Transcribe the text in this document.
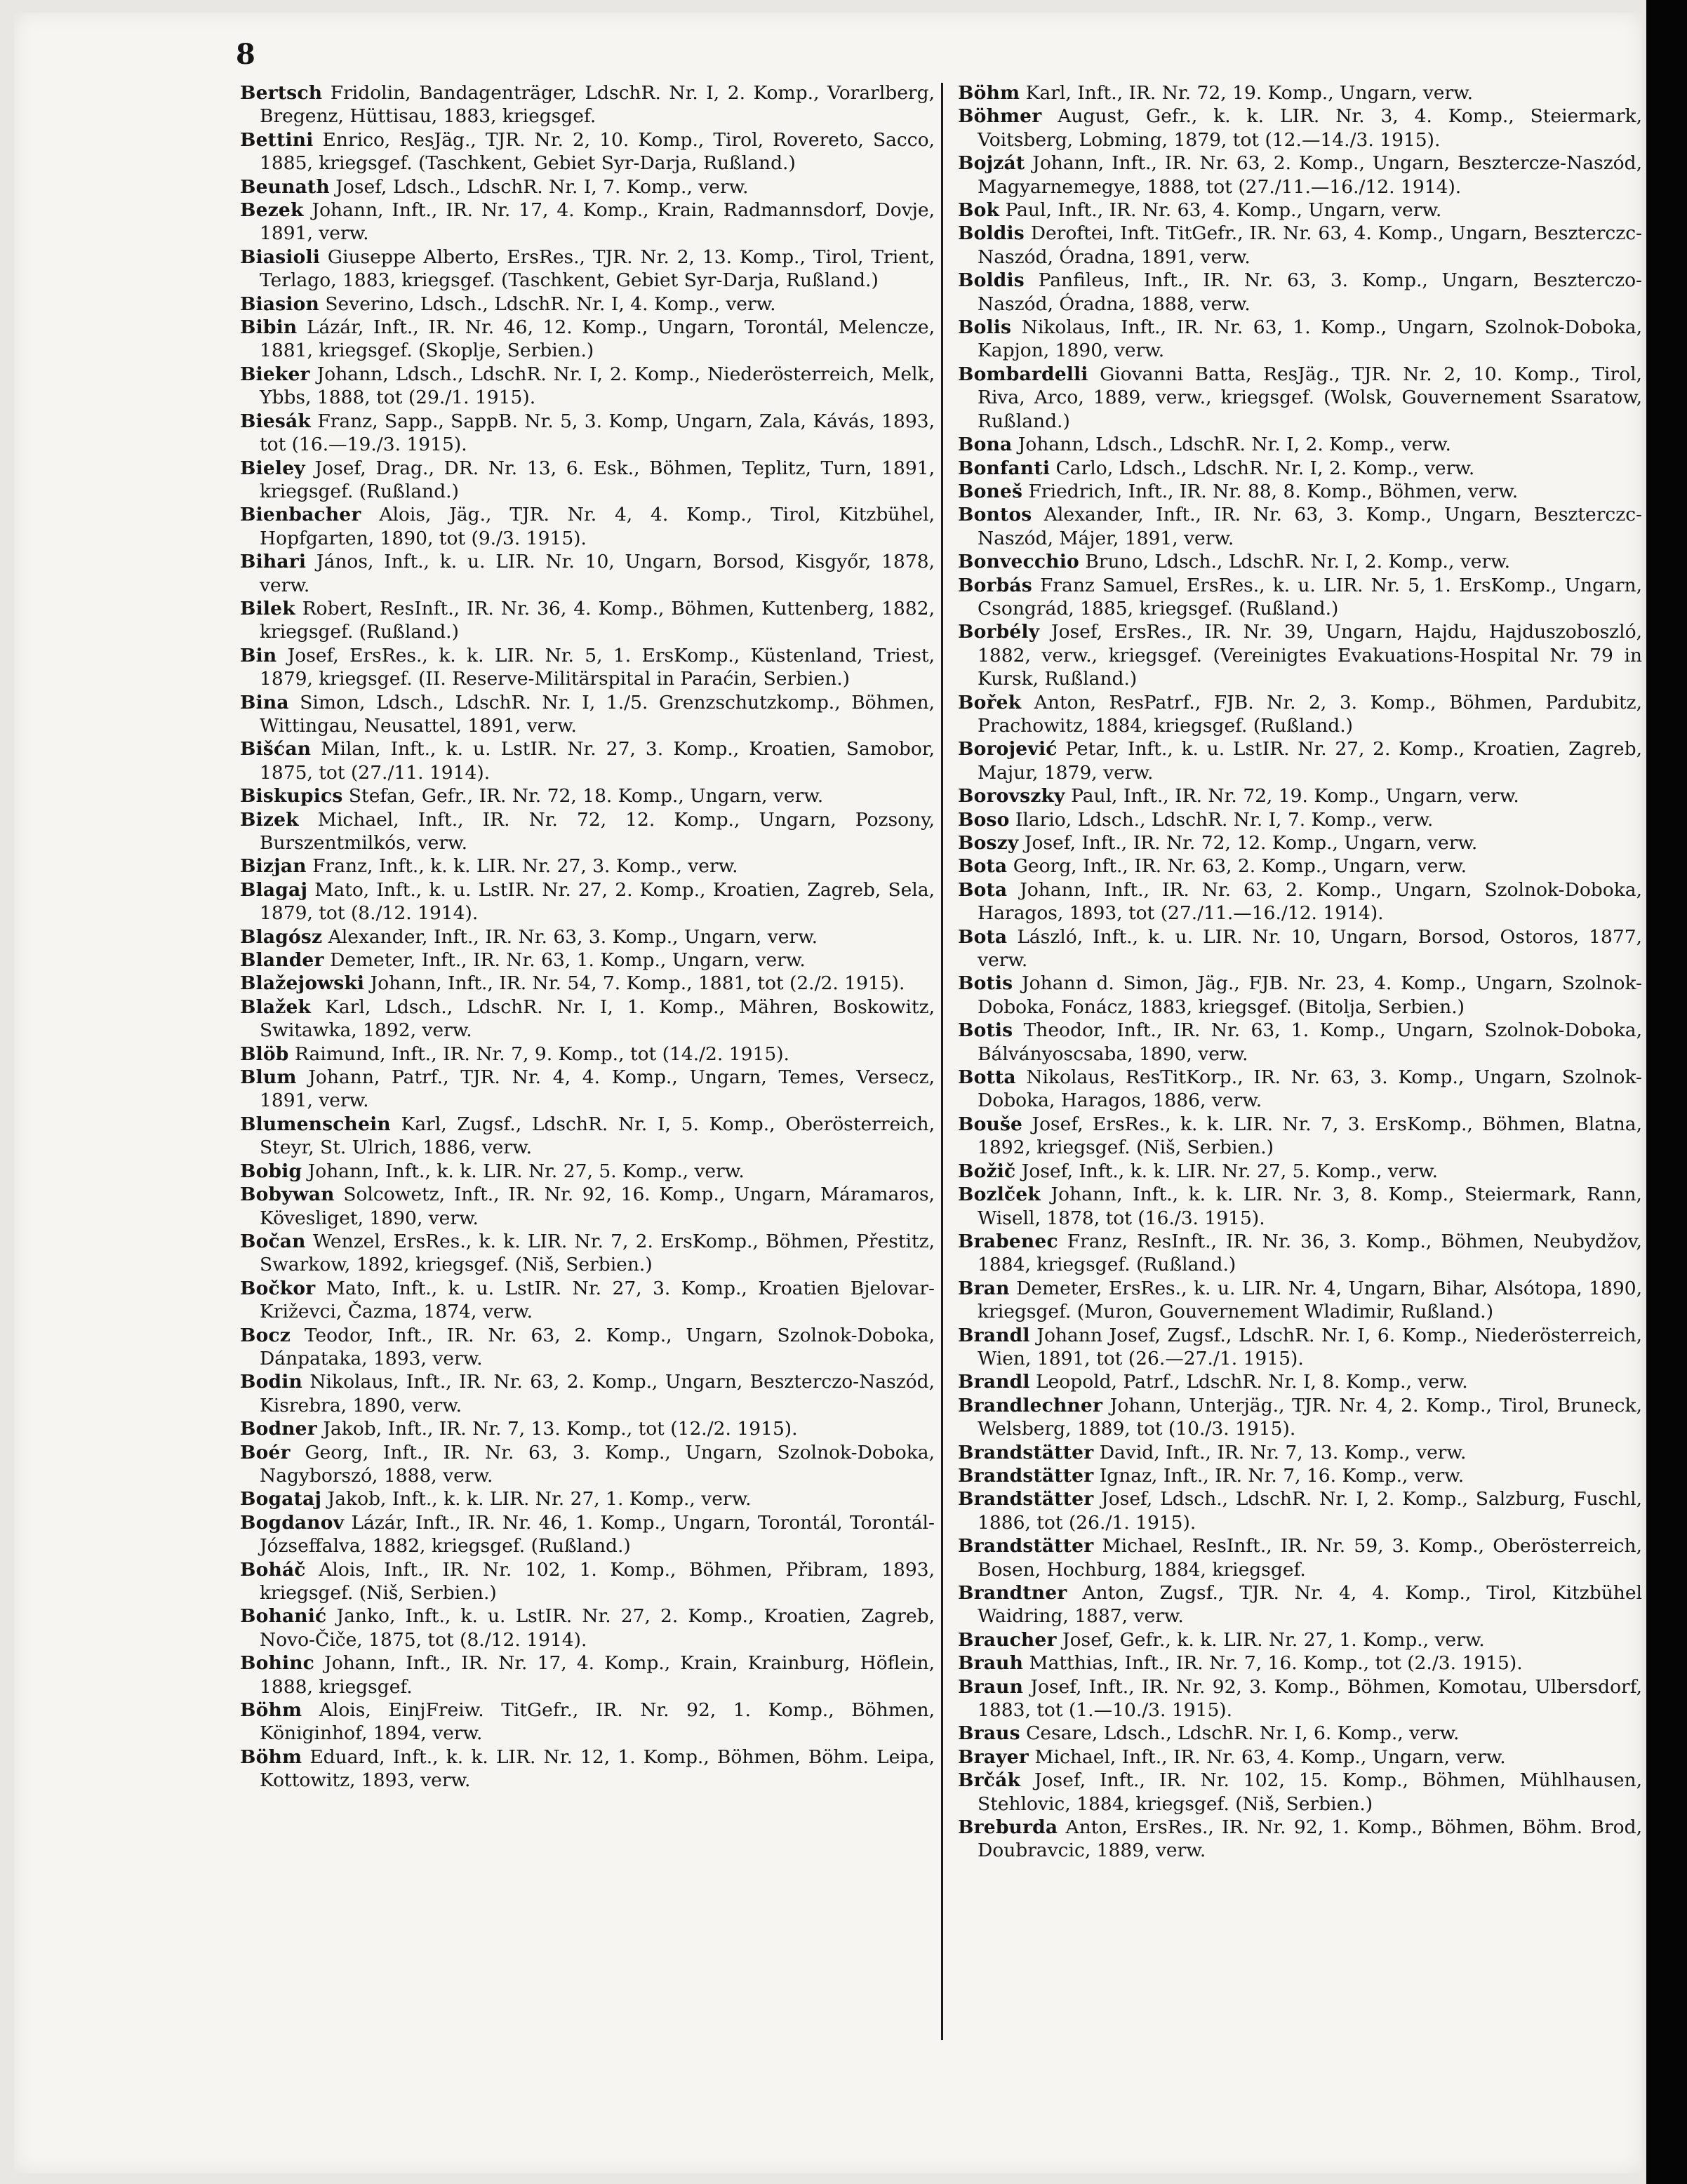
8

Bertsch Fridolin, Bandagenträger, LdschR. Nr. I, 2. Komp., Vorarlberg, Bregenz, Hüttisau, 1883, kriegsgef.

Bettini Enrico, ResJäg., TJR. Nr. 2, 10. Komp., Tirol, Rovereto, Sacco, 1885, kriegsgef. (Taschkent, Gebiet Syr-Darja, Rußland.)

Beunath Josef, Ldsch., LdschR. Nr. I, 7. Komp., verw.

Bezek Johann, Inft., IR. Nr. 17, 4. Komp., Krain, Radmannsdorf, Dovje, 1891, verw.

Biasioli Giuseppe Alberto, ErsRes., TJR. Nr. 2, 13. Komp., Tirol, Trient, Terlago, 1883, kriegsgef. (Taschkent, Gebiet Syr-Darja, Rußland.)

Biasion Severino, Ldsch., LdschR. Nr. I, 4. Komp., verw.

Bibin Lázár, Inft., IR. Nr. 46, 12. Komp., Ungarn, Torontál, Melencze, 1881, kriegsgef. (Skoplje, Serbien.)

Bieker Johann, Ldsch., LdschR. Nr. I, 2. Komp., Niederösterreich, Melk, Ybbs, 1888, tot (29./1. 1915).

Biesák Franz, Sapp., SappB. Nr. 5, 3. Komp, Ungarn, Zala, Kávás, 1893, tot (16.—19./3. 1915).

Bieley Josef, Drag., DR. Nr. 13, 6. Esk., Böhmen, Teplitz, Turn, 1891, kriegsgef. (Rußland.)

Bienbacher Alois, Jäg., TJR. Nr. 4, 4. Komp., Tirol, Kitzbühel, Hopfgarten, 1890, tot (9./3. 1915).

Bihari János, Inft., k. u. LIR. Nr. 10, Ungarn, Borsod, Kisgyőr, 1878, verw.

Bilek Robert, ResInft., IR. Nr. 36, 4. Komp., Böhmen, Kuttenberg, 1882, kriegsgef. (Rußland.)

Bin Josef, ErsRes., k. k. LIR. Nr. 5, 1. ErsKomp., Küstenland, Triest, 1879, kriegsgef. (II. Reserve-Militärspital in Paraćin, Serbien.)

Bina Simon, Ldsch., LdschR. Nr. I, 1./5. Grenzschutzkomp., Böhmen, Wittingau, Neusattel, 1891, verw.

Bišćan Milan, Inft., k. u. LstIR. Nr. 27, 3. Komp., Kroatien, Samobor, 1875, tot (27./11. 1914).

Biskupics Stefan, Gefr., IR. Nr. 72, 18. Komp., Ungarn, verw.

Bizek Michael, Inft., IR. Nr. 72, 12. Komp., Ungarn, Pozsony, Burszentmilkós, verw.

Bizjan Franz, Inft., k. k. LIR. Nr. 27, 3. Komp., verw.

Blagaj Mato, Inft., k. u. LstIR. Nr. 27, 2. Komp., Kroatien, Zagreb, Sela, 1879, tot (8./12. 1914).

Blagósz Alexander, Inft., IR. Nr. 63, 3. Komp., Ungarn, verw.

Blander Demeter, Inft., IR. Nr. 63, 1. Komp., Ungarn, verw.

Blažejowski Johann, Inft., IR. Nr. 54, 7. Komp., 1881, tot (2./2. 1915).

Blažek Karl, Ldsch., LdschR. Nr. I, 1. Komp., Mähren, Boskowitz, Switawka, 1892, verw.

Blöb Raimund, Inft., IR. Nr. 7, 9. Komp., tot (14./2. 1915).

Blum Johann, Patrf., TJR. Nr. 4, 4. Komp., Ungarn, Temes, Versecz, 1891, verw.

Blumenschein Karl, Zugsf., LdschR. Nr. I, 5. Komp., Oberösterreich, Steyr, St. Ulrich, 1886, verw.

Bobig Johann, Inft., k. k. LIR. Nr. 27, 5. Komp., verw.

Bobywan Solcowetz, Inft., IR. Nr. 92, 16. Komp., Ungarn, Máramaros, Kövesliget, 1890, verw.

Bočan Wenzel, ErsRes., k. k. LIR. Nr. 7, 2. ErsKomp., Böhmen, Přestitz, Swarkow, 1892, kriegsgef. (Niš, Serbien.)

Bočkor Mato, Inft., k. u. LstIR. Nr. 27, 3. Komp., Kroatien Bjelovar-Križevci, Čazma, 1874, verw.

Bocz Teodor, Inft., IR. Nr. 63, 2. Komp., Ungarn, Szolnok-Doboka, Dánpataka, 1893, verw.

Bodin Nikolaus, Inft., IR. Nr. 63, 2. Komp., Ungarn, Beszterczo-Naszód, Kisrebra, 1890, verw.

Bodner Jakob, Inft., IR. Nr. 7, 13. Komp., tot (12./2. 1915).

Boér Georg, Inft., IR. Nr. 63, 3. Komp., Ungarn, Szolnok-Doboka, Nagyborszó, 1888, verw.

Bogataj Jakob, Inft., k. k. LIR. Nr. 27, 1. Komp., verw.

Bogdanov Lázár, Inft., IR. Nr. 46, 1. Komp., Ungarn, Torontál, Torontál-Józseffalva, 1882, kriegsgef. (Rußland.)

Boháč Alois, Inft., IR. Nr. 102, 1. Komp., Böhmen, Přibram, 1893, kriegsgef. (Niš, Serbien.)

Bohanić Janko, Inft., k. u. LstIR. Nr. 27, 2. Komp., Kroatien, Zagreb, Novo-Čiče, 1875, tot (8./12. 1914).

Bohinc Johann, Inft., IR. Nr. 17, 4. Komp., Krain, Krainburg, Höflein, 1888, kriegsgef.

Böhm Alois, EinjFreiw. TitGefr., IR. Nr. 92, 1. Komp., Böhmen, Königinhof, 1894, verw.

Böhm Eduard, Inft., k. k. LIR. Nr. 12, 1. Komp., Böhmen, Böhm. Leipa, Kottowitz, 1893, verw.

Böhm Karl, Inft., IR. Nr. 72, 19. Komp., Ungarn, verw.

Böhmer August, Gefr., k. k. LIR. Nr. 3, 4. Komp., Steiermark, Voitsberg, Lobming, 1879, tot (12.—14./3. 1915).

Bojzát Johann, Inft., IR. Nr. 63, 2. Komp., Ungarn, Besztercze-Naszód, Magyarnemegye, 1888, tot (27./11.—16./12. 1914).

Bok Paul, Inft., IR. Nr. 63, 4. Komp., Ungarn, verw.

Boldis Deroftei, Inft. TitGefr., IR. Nr. 63, 4. Komp., Ungarn, Beszterczc-Naszód, Óradna, 1891, verw.

Boldis Panfileus, Inft., IR. Nr. 63, 3. Komp., Ungarn, Beszterczo-Naszód, Óradna, 1888, verw.

Bolis Nikolaus, Inft., IR. Nr. 63, 1. Komp., Ungarn, Szolnok-Doboka, Kapjon, 1890, verw.

Bombardelli Giovanni Batta, ResJäg., TJR. Nr. 2, 10. Komp., Tirol, Riva, Arco, 1889, verw., kriegsgef. (Wolsk, Gouvernement Ssaratow, Rußland.)

Bona Johann, Ldsch., LdschR. Nr. I, 2. Komp., verw.

Bonfanti Carlo, Ldsch., LdschR. Nr. I, 2. Komp., verw.

Boneš Friedrich, Inft., IR. Nr. 88, 8. Komp., Böhmen, verw.

Bontos Alexander, Inft., IR. Nr. 63, 3. Komp., Ungarn, Beszterczc-Naszód, Májer, 1891, verw.

Bonvecchio Bruno, Ldsch., LdschR. Nr. I, 2. Komp., verw.

Borbás Franz Samuel, ErsRes., k. u. LIR. Nr. 5, 1. ErsKomp., Ungarn, Csongrád, 1885, kriegsgef. (Rußland.)

Borbély Josef, ErsRes., IR. Nr. 39, Ungarn, Hajdu, Hajduszoboszló, 1882, verw., kriegsgef. (Vereinigtes Evakuations-Hospital Nr. 79 in Kursk, Rußland.)

Bořek Anton, ResPatrf., FJB. Nr. 2, 3. Komp., Böhmen, Pardubitz, Prachowitz, 1884, kriegsgef. (Rußland.)

Borojević Petar, Inft., k. u. LstIR. Nr. 27, 2. Komp., Kroatien, Zagreb, Majur, 1879, verw.

Borovszky Paul, Inft., IR. Nr. 72, 19. Komp., Ungarn, verw.

Boso Ilario, Ldsch., LdschR. Nr. I, 7. Komp., verw.

Boszy Josef, Inft., IR. Nr. 72, 12. Komp., Ungarn, verw.

Bota Georg, Inft., IR. Nr. 63, 2. Komp., Ungarn, verw.

Bota Johann, Inft., IR. Nr. 63, 2. Komp., Ungarn, Szolnok-Doboka, Haragos, 1893, tot (27./11.—16./12. 1914).

Bota László, Inft., k. u. LIR. Nr. 10, Ungarn, Borsod, Ostoros, 1877, verw.

Botis Johann d. Simon, Jäg., FJB. Nr. 23, 4. Komp., Ungarn, Szolnok-Doboka, Fonácz, 1883, kriegsgef. (Bitolja, Serbien.)

Botis Theodor, Inft., IR. Nr. 63, 1. Komp., Ungarn, Szolnok-Doboka, Bálványoscsaba, 1890, verw.

Botta Nikolaus, ResTitKorp., IR. Nr. 63, 3. Komp., Ungarn, Szolnok-Doboka, Haragos, 1886, verw.

Bouše Josef, ErsRes., k. k. LIR. Nr. 7, 3. ErsKomp., Böhmen, Blatna, 1892, kriegsgef. (Niš, Serbien.)

Božič Josef, Inft., k. k. LIR. Nr. 27, 5. Komp., verw.

Bozlček Johann, Inft., k. k. LIR. Nr. 3, 8. Komp., Steiermark, Rann, Wisell, 1878, tot (16./3. 1915).

Brabenec Franz, ResInft., IR. Nr. 36, 3. Komp., Böhmen, Neubydžov, 1884, kriegsgef. (Rußland.)

Bran Demeter, ErsRes., k. u. LIR. Nr. 4, Ungarn, Bihar, Alsótopa, 1890, kriegsgef. (Muron, Gouvernement Wladimir, Rußland.)

Brandl Johann Josef, Zugsf., LdschR. Nr. I, 6. Komp., Niederösterreich, Wien, 1891, tot (26.—27./1. 1915).

Brandl Leopold, Patrf., LdschR. Nr. I, 8. Komp., verw.

Brandlechner Johann, Unterjäg., TJR. Nr. 4, 2. Komp., Tirol, Bruneck, Welsberg, 1889, tot (10./3. 1915).

Brandstätter David, Inft., IR. Nr. 7, 13. Komp., verw.

Brandstätter Ignaz, Inft., IR. Nr. 7, 16. Komp., verw.

Brandstätter Josef, Ldsch., LdschR. Nr. I, 2. Komp., Salzburg, Fuschl, 1886, tot (26./1. 1915).

Brandstätter Michael, ResInft., IR. Nr. 59, 3. Komp., Oberösterreich, Bosen, Hochburg, 1884, kriegsgef.

Brandtner Anton, Zugsf., TJR. Nr. 4, 4. Komp., Tirol, Kitzbühel Waidring, 1887, verw.

Braucher Josef, Gefr., k. k. LIR. Nr. 27, 1. Komp., verw.

Brauh Matthias, Inft., IR. Nr. 7, 16. Komp., tot (2./3. 1915).

Braun Josef, Inft., IR. Nr. 92, 3. Komp., Böhmen, Komotau, Ulbersdorf, 1883, tot (1.—10./3. 1915).

Braus Cesare, Ldsch., LdschR. Nr. I, 6. Komp., verw.

Brayer Michael, Inft., IR. Nr. 63, 4. Komp., Ungarn, verw.

Brčák Josef, Inft., IR. Nr. 102, 15. Komp., Böhmen, Mühlhausen, Stehlovic, 1884, kriegsgef. (Niš, Serbien.)

Breburda Anton, ErsRes., IR. Nr. 92, 1. Komp., Böhmen, Böhm. Brod, Doubravcic, 1889, verw.
